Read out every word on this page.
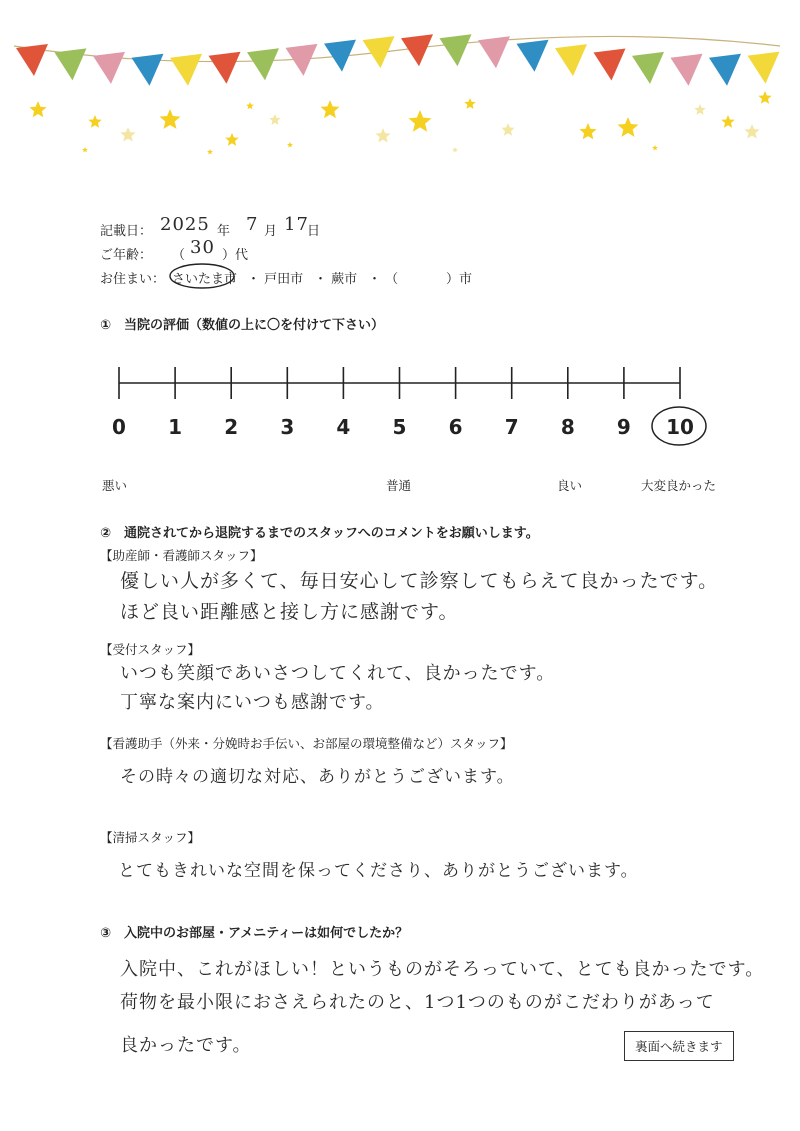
記載日： 2025 年 7 月 17
日
ご年齢： （ 30 ）代
お住まい： さいたま市 ・ 戸田市 ・ 蕨市 ・ （	）市
①　当院の評価（数値の上に〇を付けて下さい）
0	1	2	3	4	5	6	7	8	9	10
悪い	普通	良い	大変良かった
②　通院されてから退院するまでのスタッフへのコメントをお願いします。
【助産師・看護師スタッフ】
優しい人が多くて、毎日安心して診察してもらえて良かったです。
ほど良い距離感と接し方に感謝です。
【受付スタッフ】
いつも笑顔であいさつしてくれて、良かったです。
丁寧な案内にいつも感謝です。
【看護助手（外来・分娩時お手伝い、お部屋の環境整備など）スタッフ】
その時々の適切な対応、ありがとうございます。
【清掃スタッフ】
とてもきれいな空間を保ってくださり、ありがとうございます。
③　入院中のお部屋・アメニティーは如何でしたか？
入院中、これがほしい！というものがそろっていて、とても良かったです。
荷物を最小限におさえられたのと、1つ1つのものがこだわりがあって
良かったです。	裏面へ続きます
